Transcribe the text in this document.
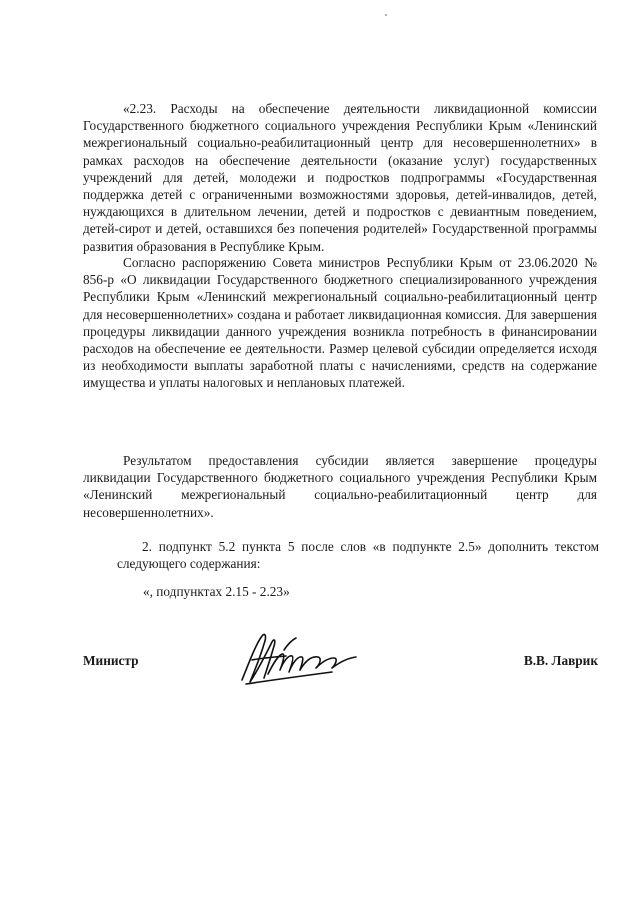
«2.23. Расходы на обеспечение деятельности ликвидационной комиссии Государственного бюджетного социального учреждения Республики Крым «Ленинский межрегиональный социально-реабилитационный центр для несовершеннолетних» в рамках расходов на обеспечение деятельности (оказание услуг) государственных учреждений для детей, молодежи и подростков подпрограммы «Государственная поддержка детей с ограниченными возможностями здоровья, детей-инвалидов, детей, нуждающихся в длительном лечении, детей и подростков с девиантным поведением, детей-сирот и детей, оставшихся без попечения родителей» Государственной программы развития образования в Республике Крым.

Согласно распоряжению Совета министров Республики Крым от 23.06.2020 № 856-р «О ликвидации Государственного бюджетного специализированного учреждения Республики Крым «Ленинский межрегиональный социально-реабилитационный центр для несовершеннолетних» создана и работает ликвидационная комиссия. Для завершения процедуры ликвидации данного учреждения возникла потребность в финансировании расходов на обеспечение ее деятельности. Размер целевой субсидии определяется исходя из необходимости выплаты заработной платы с начислениями, средств на содержание имущества и уплаты налоговых и неплановых платежей.

Результатом предоставления субсидии является завершение процедуры ликвидации Государственного бюджетного социального учреждения Республики Крым «Ленинский межрегиональный социально-реабилитационный центр для несовершеннолетних».

2. подпункт 5.2 пункта 5 после слов «в подпункте 2.5» дополнить текстом следующего содержания:

«, подпунктах 2.15 - 2.23»

Министр	В.В. Лаврик
